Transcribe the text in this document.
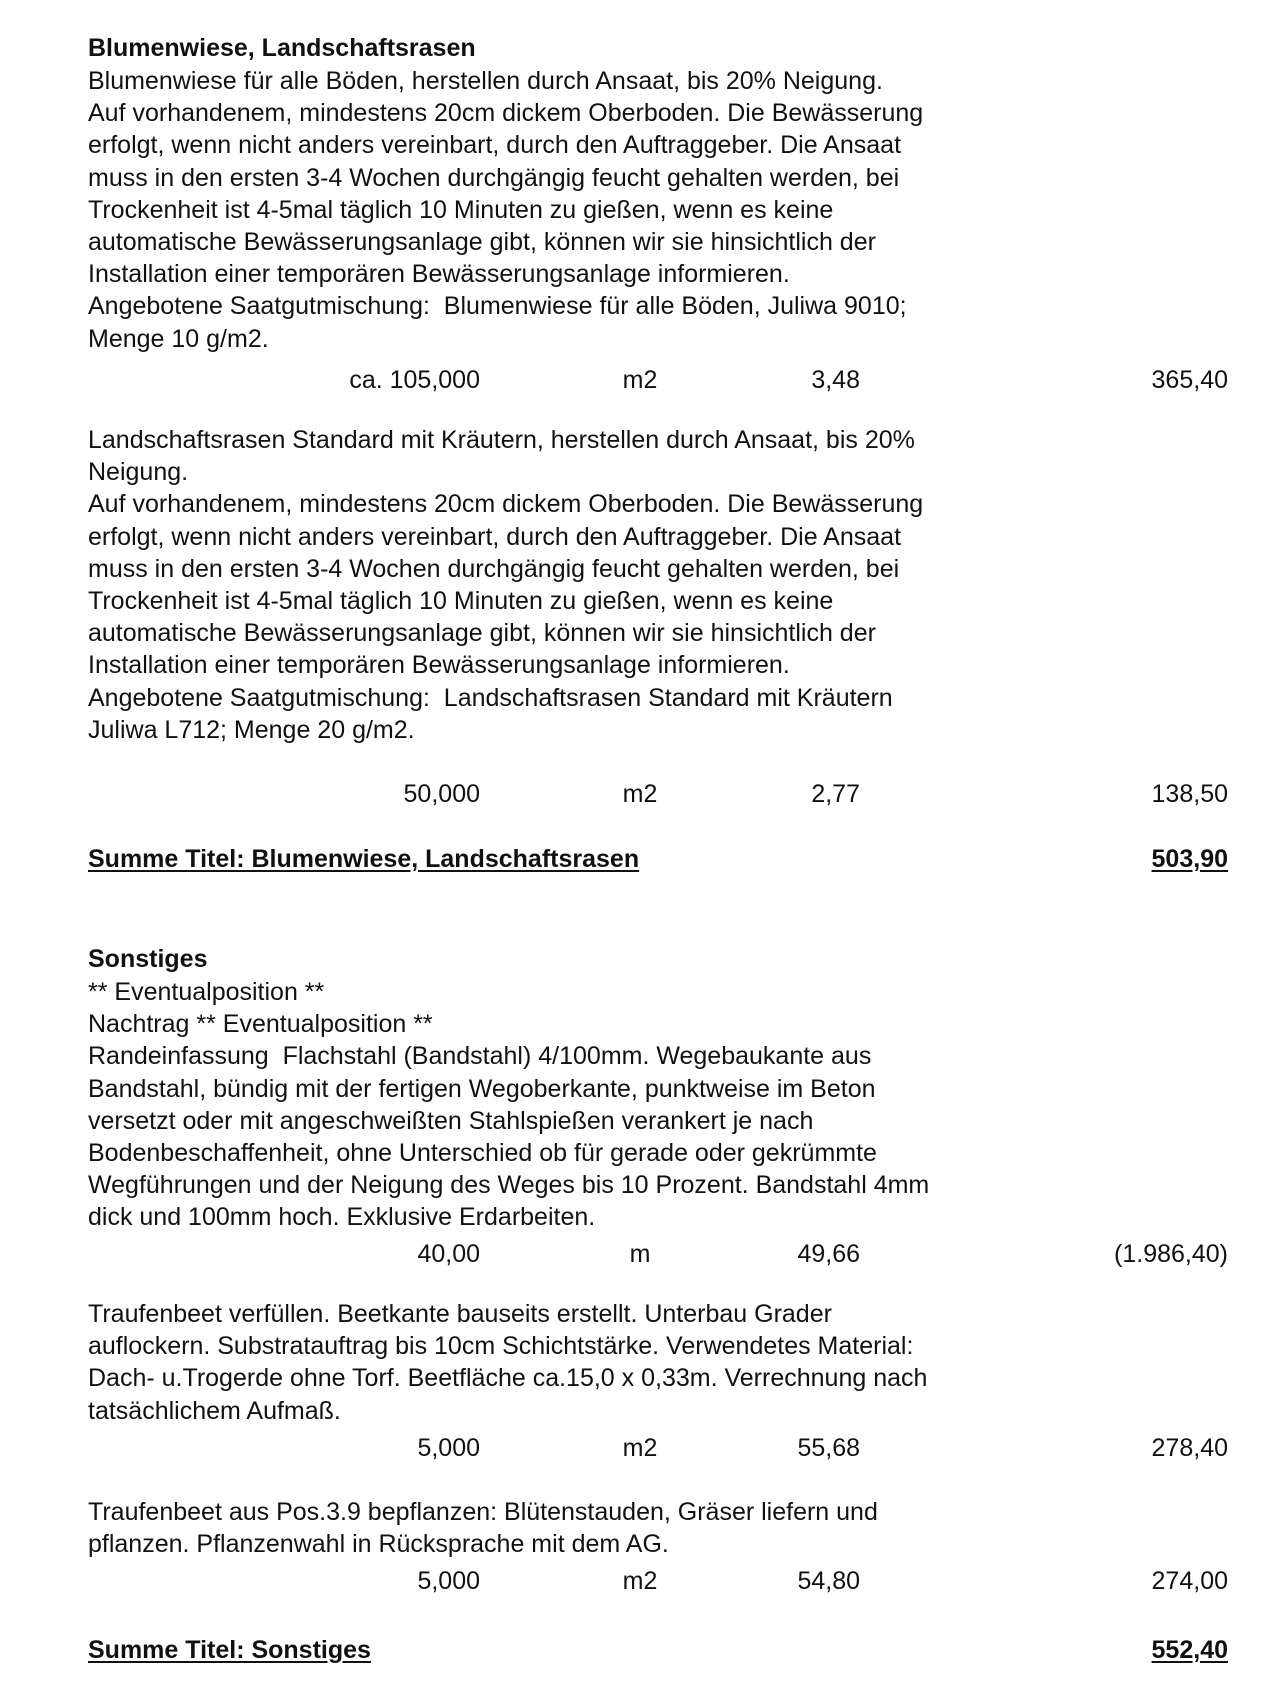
Blumenwiese, Landschaftsrasen
Blumenwiese für alle Böden, herstellen durch Ansaat, bis 20% Neigung.
Auf vorhandenem, mindestens 20cm dickem Oberboden. Die Bewässerung
erfolgt, wenn nicht anders vereinbart, durch den Auftraggeber. Die Ansaat
muss in den ersten 3-4 Wochen durchgängig feucht gehalten werden, bei
Trockenheit ist 4-5mal täglich 10 Minuten zu gießen, wenn es keine
automatische Bewässerungsanlage gibt, können wir sie hinsichtlich der
Installation einer temporären Bewässerungsanlage informieren.
Angebotene Saatgutmischung:  Blumenwiese für alle Böden, Juliwa 9010;
Menge 10 g/m2.
ca. 105,000	m2	3,48	365,40
Landschaftsrasen Standard mit Kräutern, herstellen durch Ansaat, bis 20%
Neigung.
Auf vorhandenem, mindestens 20cm dickem Oberboden. Die Bewässerung
erfolgt, wenn nicht anders vereinbart, durch den Auftraggeber. Die Ansaat
muss in den ersten 3-4 Wochen durchgängig feucht gehalten werden, bei
Trockenheit ist 4-5mal täglich 10 Minuten zu gießen, wenn es keine
automatische Bewässerungsanlage gibt, können wir sie hinsichtlich der
Installation einer temporären Bewässerungsanlage informieren.
Angebotene Saatgutmischung:  Landschaftsrasen Standard mit Kräutern
Juliwa L712; Menge 20 g/m2.
50,000	m2	2,77	138,50
Summe Titel: Blumenwiese, Landschaftsrasen	503,90
Sonstiges
** Eventualposition **
Nachtrag ** Eventualposition **
Randeinfassung  Flachstahl (Bandstahl) 4/100mm. Wegebaukante aus
Bandstahl, bündig mit der fertigen Wegoberkante, punktweise im Beton
versetzt oder mit angeschweißten Stahlspießen verankert je nach
Bodenbeschaffenheit, ohne Unterschied ob für gerade oder gekrümmte
Wegführungen und der Neigung des Weges bis 10 Prozent. Bandstahl 4mm
dick und 100mm hoch. Exklusive Erdarbeiten.
40,00	m	49,66	(1.986,40)
Traufenbeet verfüllen. Beetkante bauseits erstellt. Unterbau Grader
auflockern. Substratauftrag bis 10cm Schichtstärke. Verwendetes Material:
Dach- u.Trogerde ohne Torf. Beetfläche ca.15,0 x 0,33m. Verrechnung nach
tatsächlichem Aufmaß.
5,000	m2	55,68	278,40
Traufenbeet aus Pos.3.9 bepflanzen: Blütenstauden, Gräser liefern und
pflanzen. Pflanzenwahl in Rücksprache mit dem AG.
5,000	m2	54,80	274,00
Summe Titel: Sonstiges	552,40
